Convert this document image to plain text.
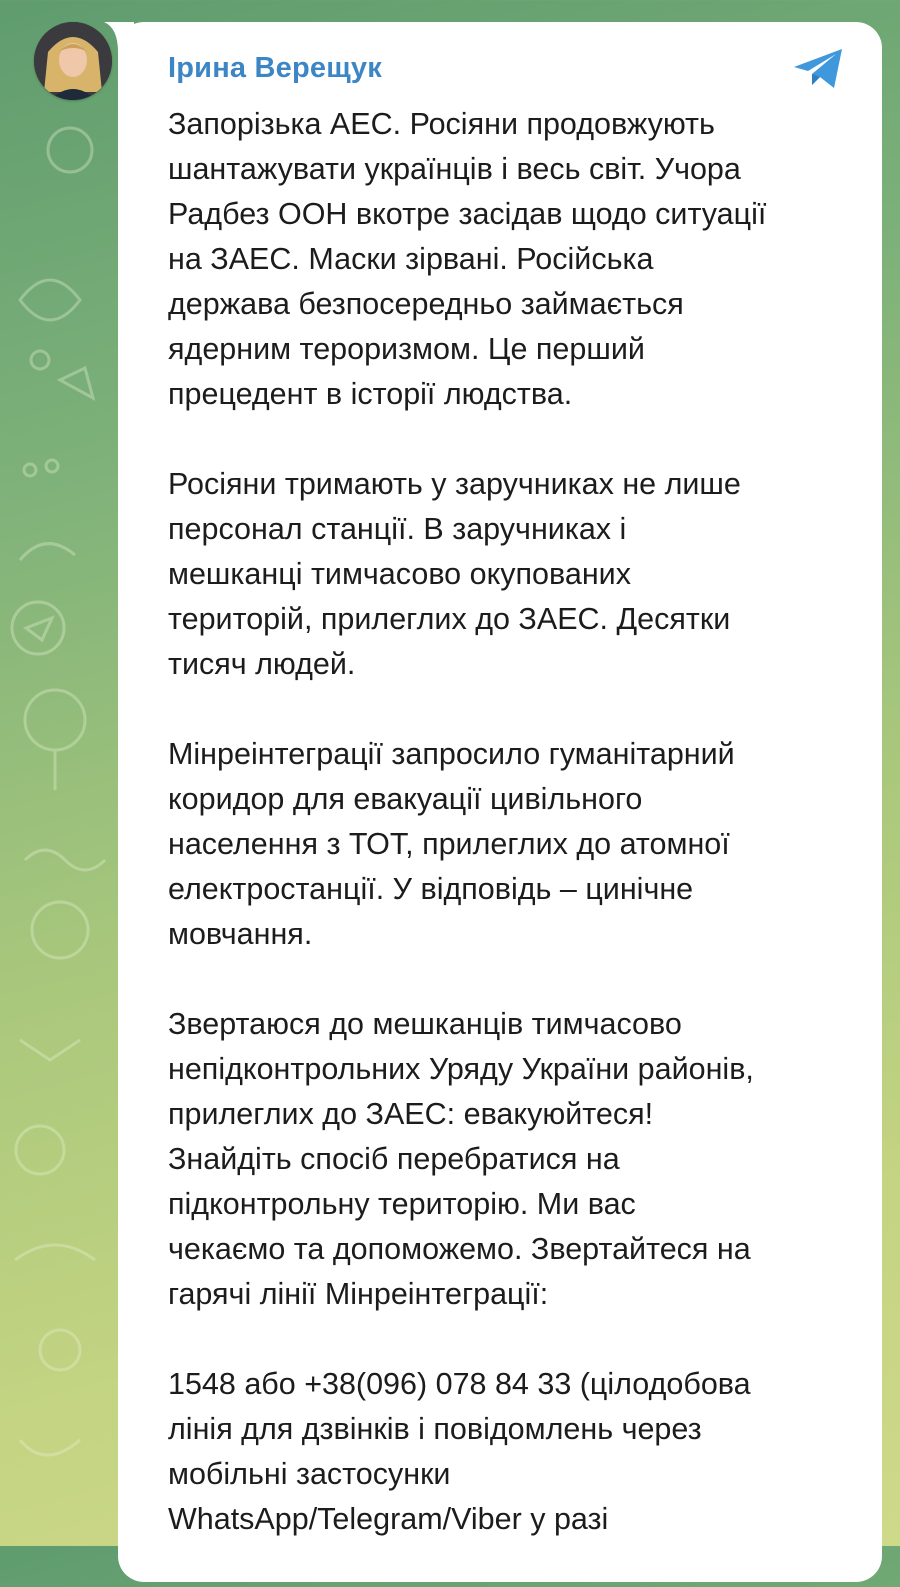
Ірина Верещук

Запорізька АЕС. Росіяни продовжують
шантажувати українців і весь світ. Учора
Радбез ООН вкотре засідав щодо ситуації
на ЗАЕС. Маски зірвані. Російська
держава безпосередньо займається
ядерним тероризмом. Це перший
прецедент в історії людства.

Росіяни тримають у заручниках не лише
персонал станції. В заручниках і
мешканці тимчасово окупованих
територій, прилеглих до ЗАЕС. Десятки
тисяч людей.

Мінреінтеграції запросило гуманітарний
коридор для евакуації цивільного
населення з ТОТ, прилеглих до атомної
електростанції. У відповідь – цинічне
мовчання.

Звертаюся до мешканців тимчасово
непідконтрольних Уряду України районів,
прилеглих до ЗАЕС: евакуюйтеся!
Знайдіть спосіб перебратися на
підконтрольну територію. Ми вас
чекаємо та допоможемо. Звертайтеся на
гарячі лінії Мінреінтеграції:

1548 або +38(096) 078 84 33 (цілодобова
лінія для дзвінків і повідомлень через
мобільні застосунки
WhatsApp/Telegram/Viber у разі
